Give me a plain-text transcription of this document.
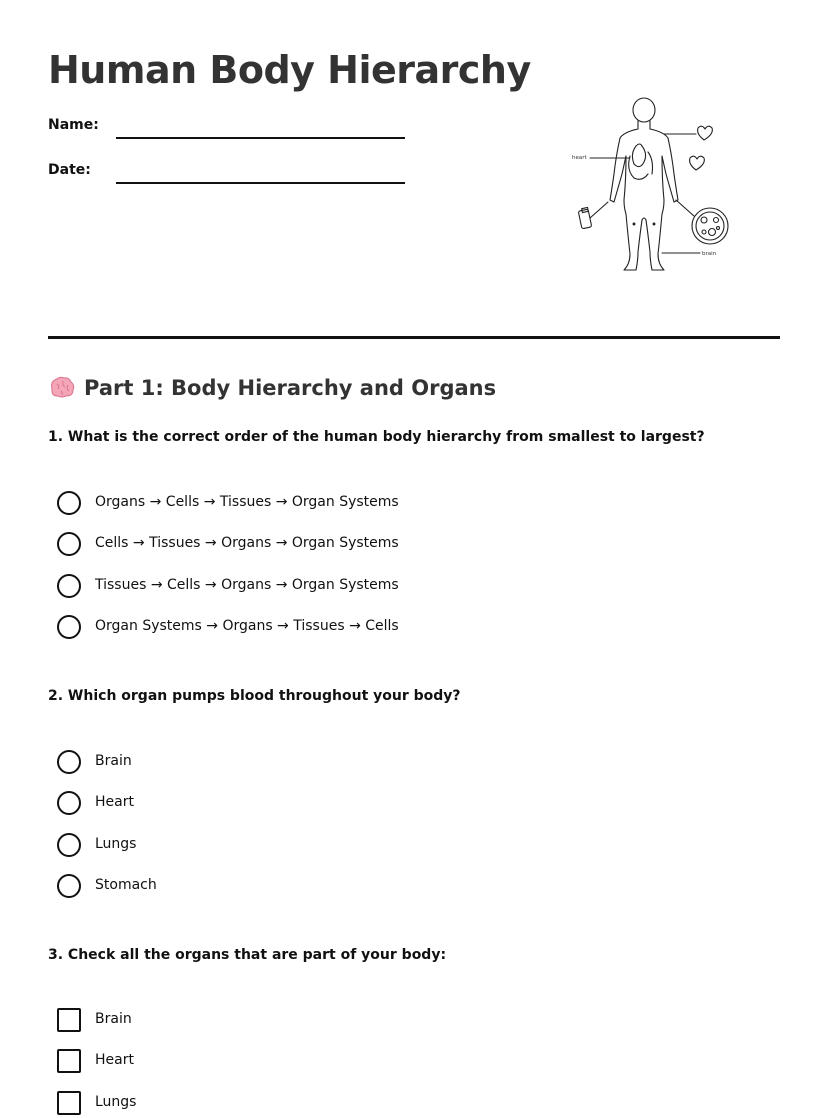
Human Body Hierarchy
Name:
Date:
heart
brain
Part 1: Body Hierarchy and Organs
1. What is the correct order of the human body hierarchy from smallest to largest?
Organs → Cells → Tissues → Organ Systems
Cells → Tissues → Organs → Organ Systems
Tissues → Cells → Organs → Organ Systems
Organ Systems → Organs → Tissues → Cells
2. Which organ pumps blood throughout your body?
Brain
Heart
Lungs
Stomach
3. Check all the organs that are part of your body:
Brain
Heart
Lungs
